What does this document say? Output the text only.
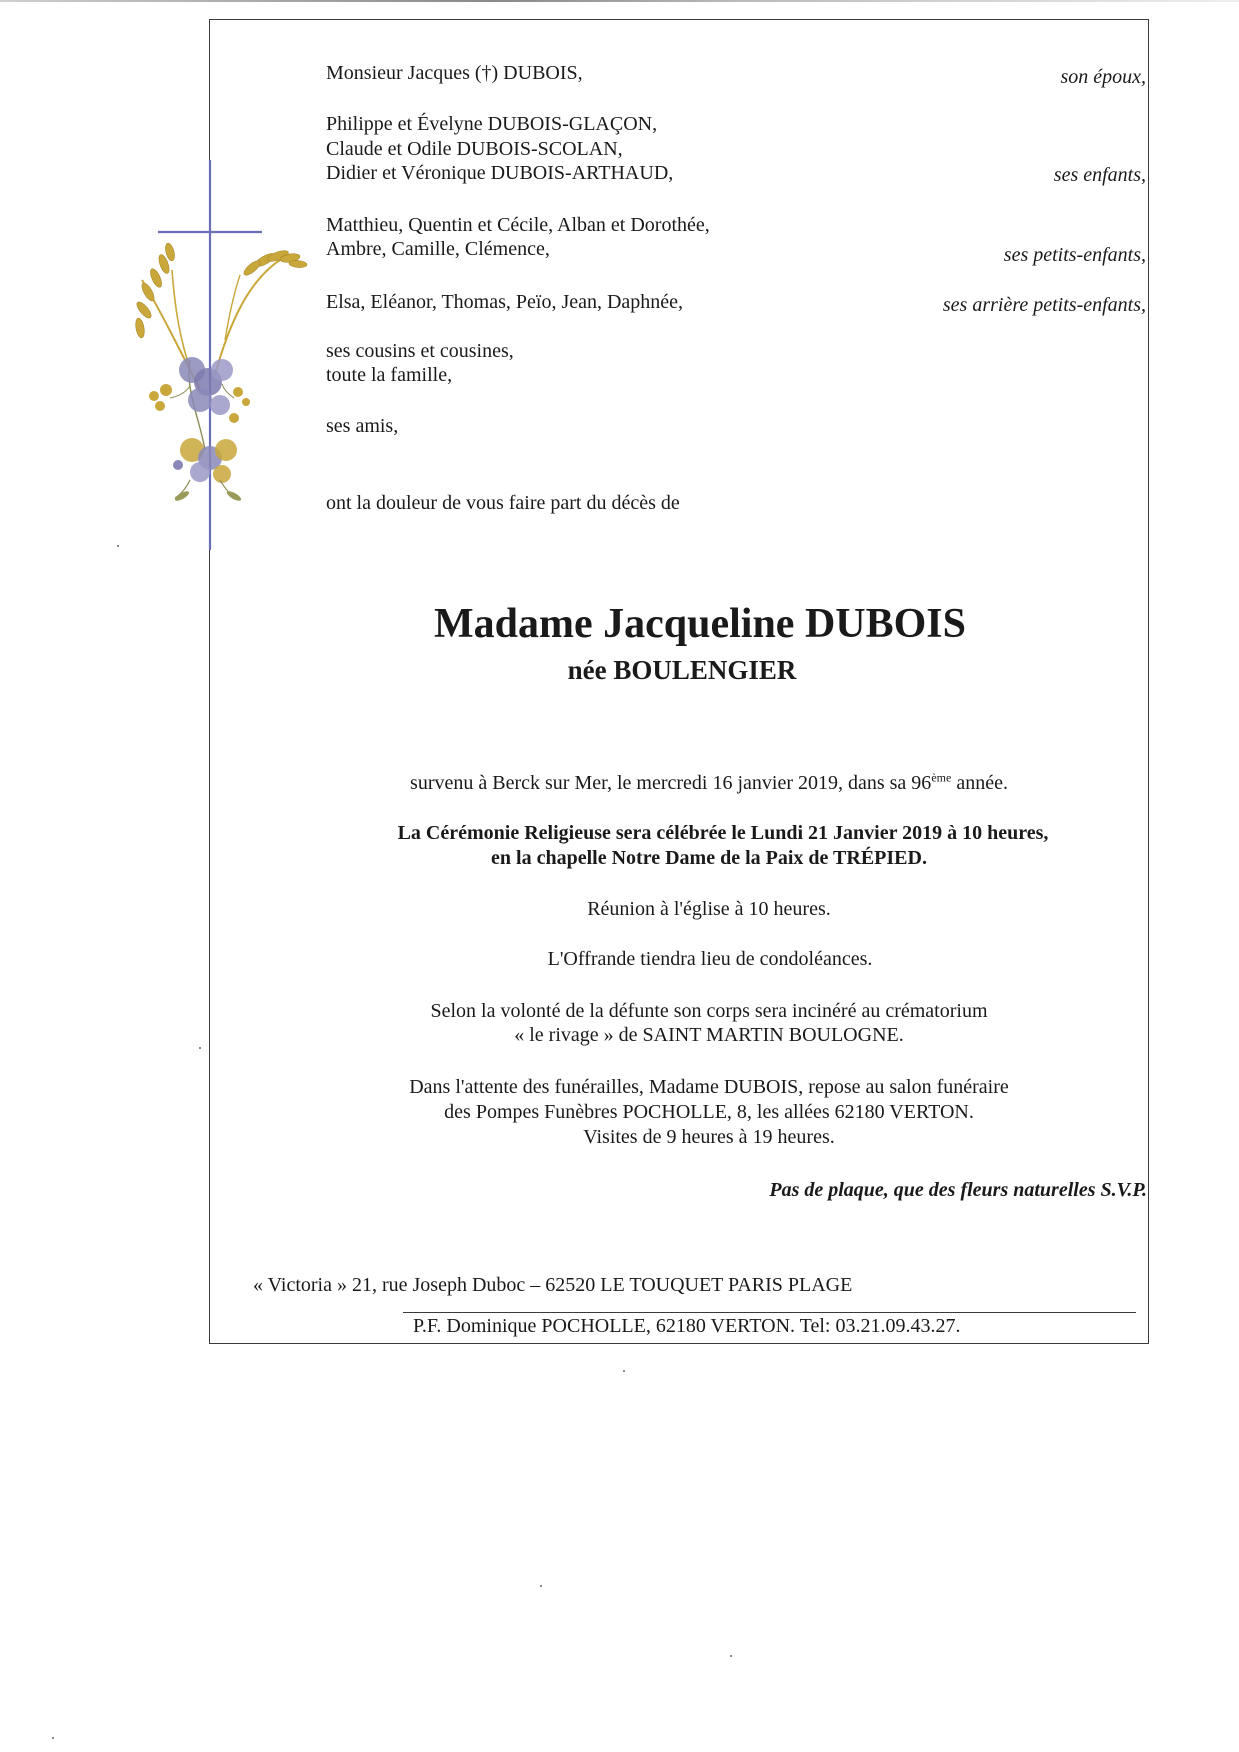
Monsieur Jacques (†) DUBOIS,	son époux,
Philippe et Évelyne DUBOIS-GLAÇON,
Claude et Odile DUBOIS-SCOLAN,
Didier et Véronique DUBOIS-ARTHAUD,	ses enfants,
Matthieu, Quentin et Cécile, Alban et Dorothée,
Ambre, Camille, Clémence,	ses petits-enfants,
Elsa, Eléanor, Thomas, Peïo, Jean, Daphnée,	ses arrière petits-enfants,
ses cousins et cousines,
toute la famille,
ses amis,
ont la douleur de vous faire part du décès de
Madame Jacqueline DUBOIS
née BOULENGIER
survenu à Berck sur Mer, le mercredi 16 janvier 2019, dans sa 96ème année.
La Cérémonie Religieuse sera célébrée le Lundi 21 Janvier 2019 à 10 heures,
en la chapelle Notre Dame de la Paix de TRÉPIED.
Réunion à l'église à 10 heures.
L'Offrande tiendra lieu de condoléances.
Selon la volonté de la défunte son corps sera incinéré au crématorium
« le rivage » de SAINT MARTIN BOULOGNE.
Dans l'attente des funérailles, Madame DUBOIS, repose au salon funéraire
des Pompes Funèbres POCHOLLE, 8, les allées 62180 VERTON.
Visites de 9 heures à 19 heures.
Pas de plaque, que des fleurs naturelles S.V.P.
« Victoria » 21, rue Joseph Duboc – 62520 LE TOUQUET PARIS PLAGE
P.F. Dominique POCHOLLE, 62180 VERTON. Tel: 03.21.09.43.27.
